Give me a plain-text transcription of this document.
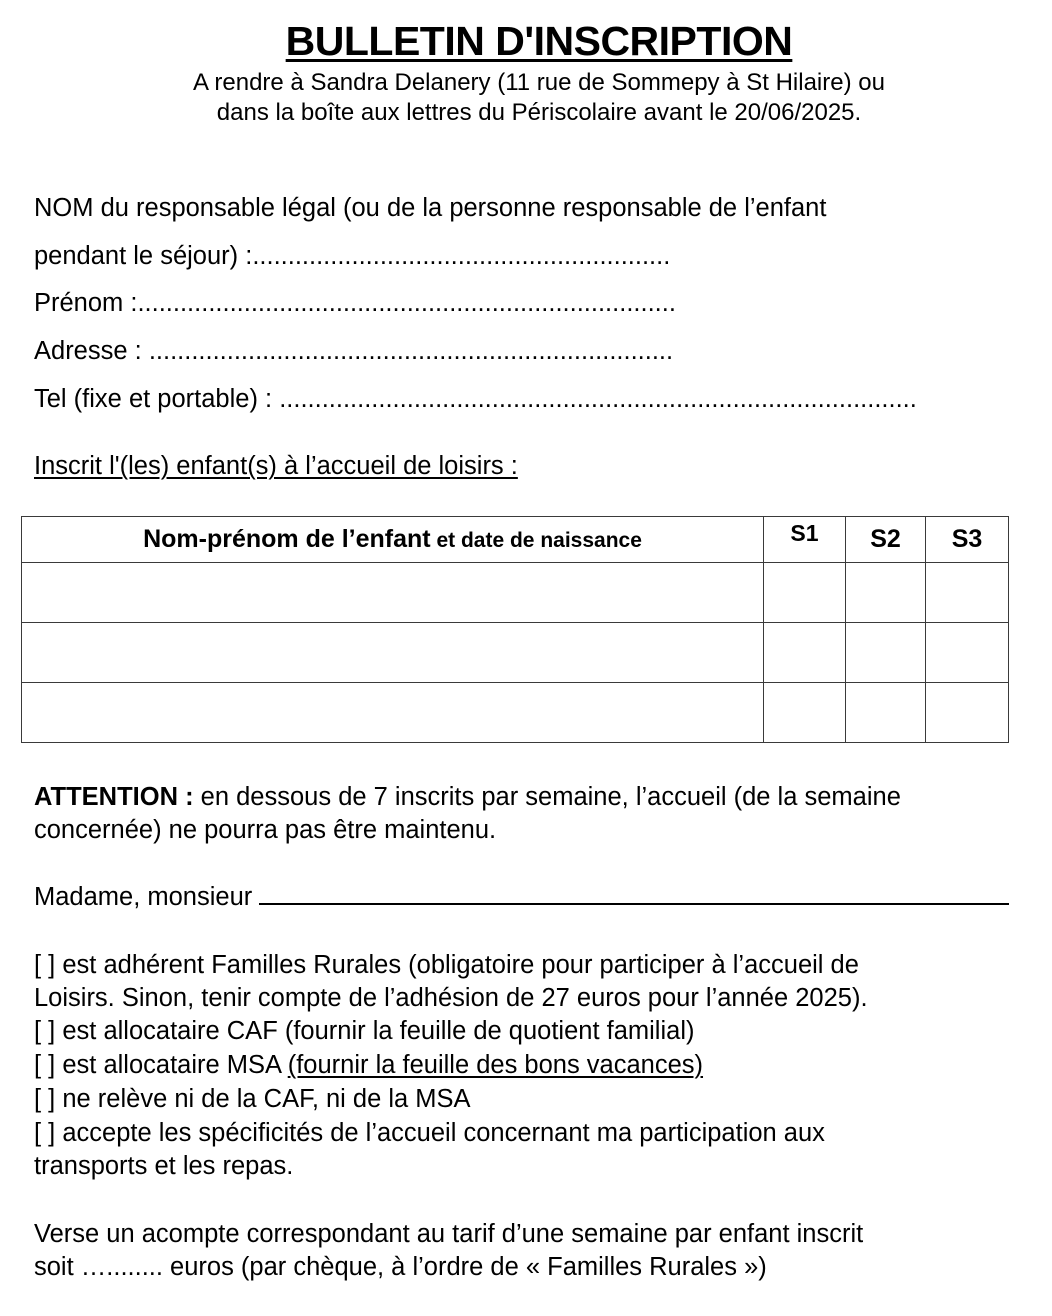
BULLETIN D'INSCRIPTION
A rendre à Sandra Delanery (11 rue de Sommepy à St Hilaire) ou
dans la boîte aux lettres du Périscolaire avant le 20/06/2025.
NOM du responsable légal (ou de la personne responsable de l’enfant
pendant le séjour) :...........................................................
Prénom :............................................................................
Adresse : ..........................................................................
Tel (fixe et portable) : ..........................................................................................
Inscrit l'(les) enfant(s) à l’accueil de loisirs :
Nom-prénom de l’enfant et date de naissance	S1	S2	S3

ATTENTION : en dessous de 7 inscrits par semaine, l’accueil (de la semaine
concernée) ne pourra pas être maintenu.
Madame, monsieur
[ ] est adhérent Familles Rurales (obligatoire pour participer à l’accueil de
Loisirs. Sinon, tenir compte de l’adhésion de 27 euros pour l’année 2025).
[ ] est allocataire CAF (fournir la feuille de quotient familial)
[ ] est allocataire MSA (fournir la feuille des bons vacances)
[ ] ne relève ni de la CAF, ni de la MSA
[ ] accepte les spécificités de l’accueil concernant ma participation aux
transports et les repas.
Verse un acompte correspondant au tarif d’une semaine par enfant inscrit
soit …........ euros (par chèque, à l’ordre de « Familles Rurales »)
